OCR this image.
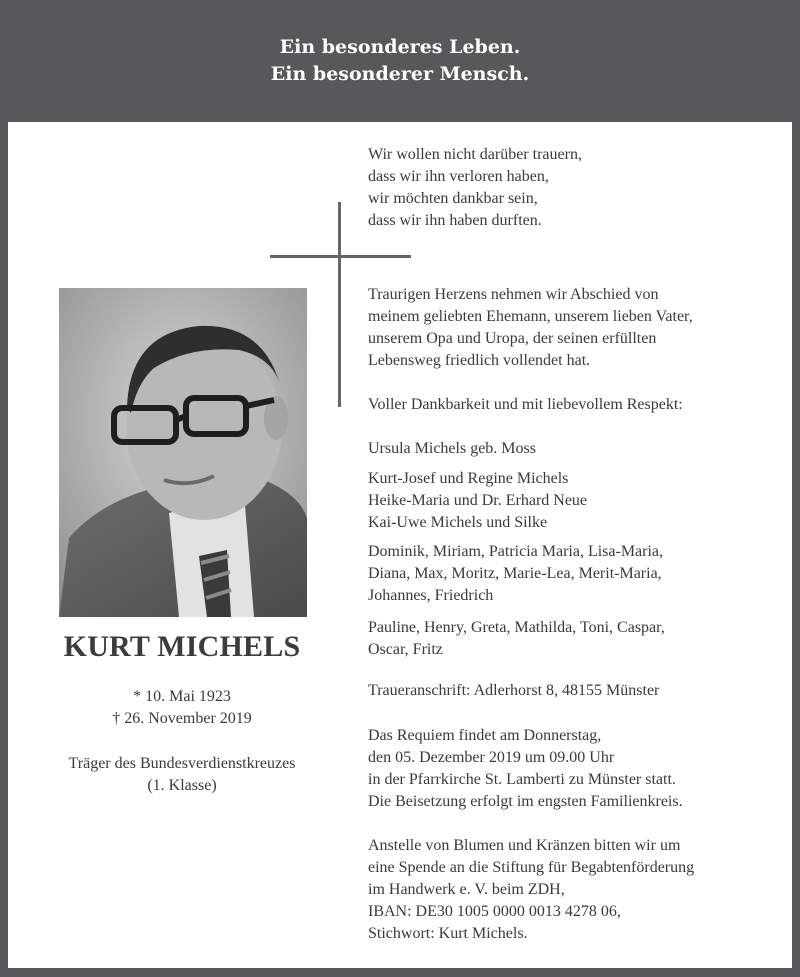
Ein besonderes Leben.
Ein besonderer Mensch.
KURT MICHELS
* 10. Mai 1923
† 26. November 2019
Träger des Bundesverdienstkreuzes
(1. Klasse)
Wir wollen nicht darüber trauern,
dass wir ihn verloren haben,
wir möchten dankbar sein,
dass wir ihn haben durften.
Traurigen Herzens nehmen wir Abschied von
meinem geliebten Ehemann, unserem lieben Vater,
unserem Opa und Uropa, der seinen erfüllten
Lebensweg friedlich vollendet hat.
Voller Dankbarkeit und mit liebevollem Respekt:
Ursula Michels geb. Moss
Kurt-Josef und Regine Michels
Heike-Maria und Dr. Erhard Neue
Kai-Uwe Michels und Silke
Dominik, Miriam, Patricia Maria, Lisa-Maria,
Diana, Max, Moritz, Marie-Lea, Merit-Maria,
Johannes, Friedrich
Pauline, Henry, Greta, Mathilda, Toni, Caspar,
Oscar, Fritz
Traueranschrift: Adlerhorst 8, 48155 Münster
Das Requiem findet am Donnerstag,
den 05. Dezember 2019 um 09.00 Uhr
in der Pfarrkirche St. Lamberti zu Münster statt.
Die Beisetzung erfolgt im engsten Familienkreis.
Anstelle von Blumen und Kränzen bitten wir um
eine Spende an die Stiftung für Begabtenförderung
im Handwerk e. V. beim ZDH,
IBAN: DE30 1005 0000 0013 4278 06,
Stichwort: Kurt Michels.
